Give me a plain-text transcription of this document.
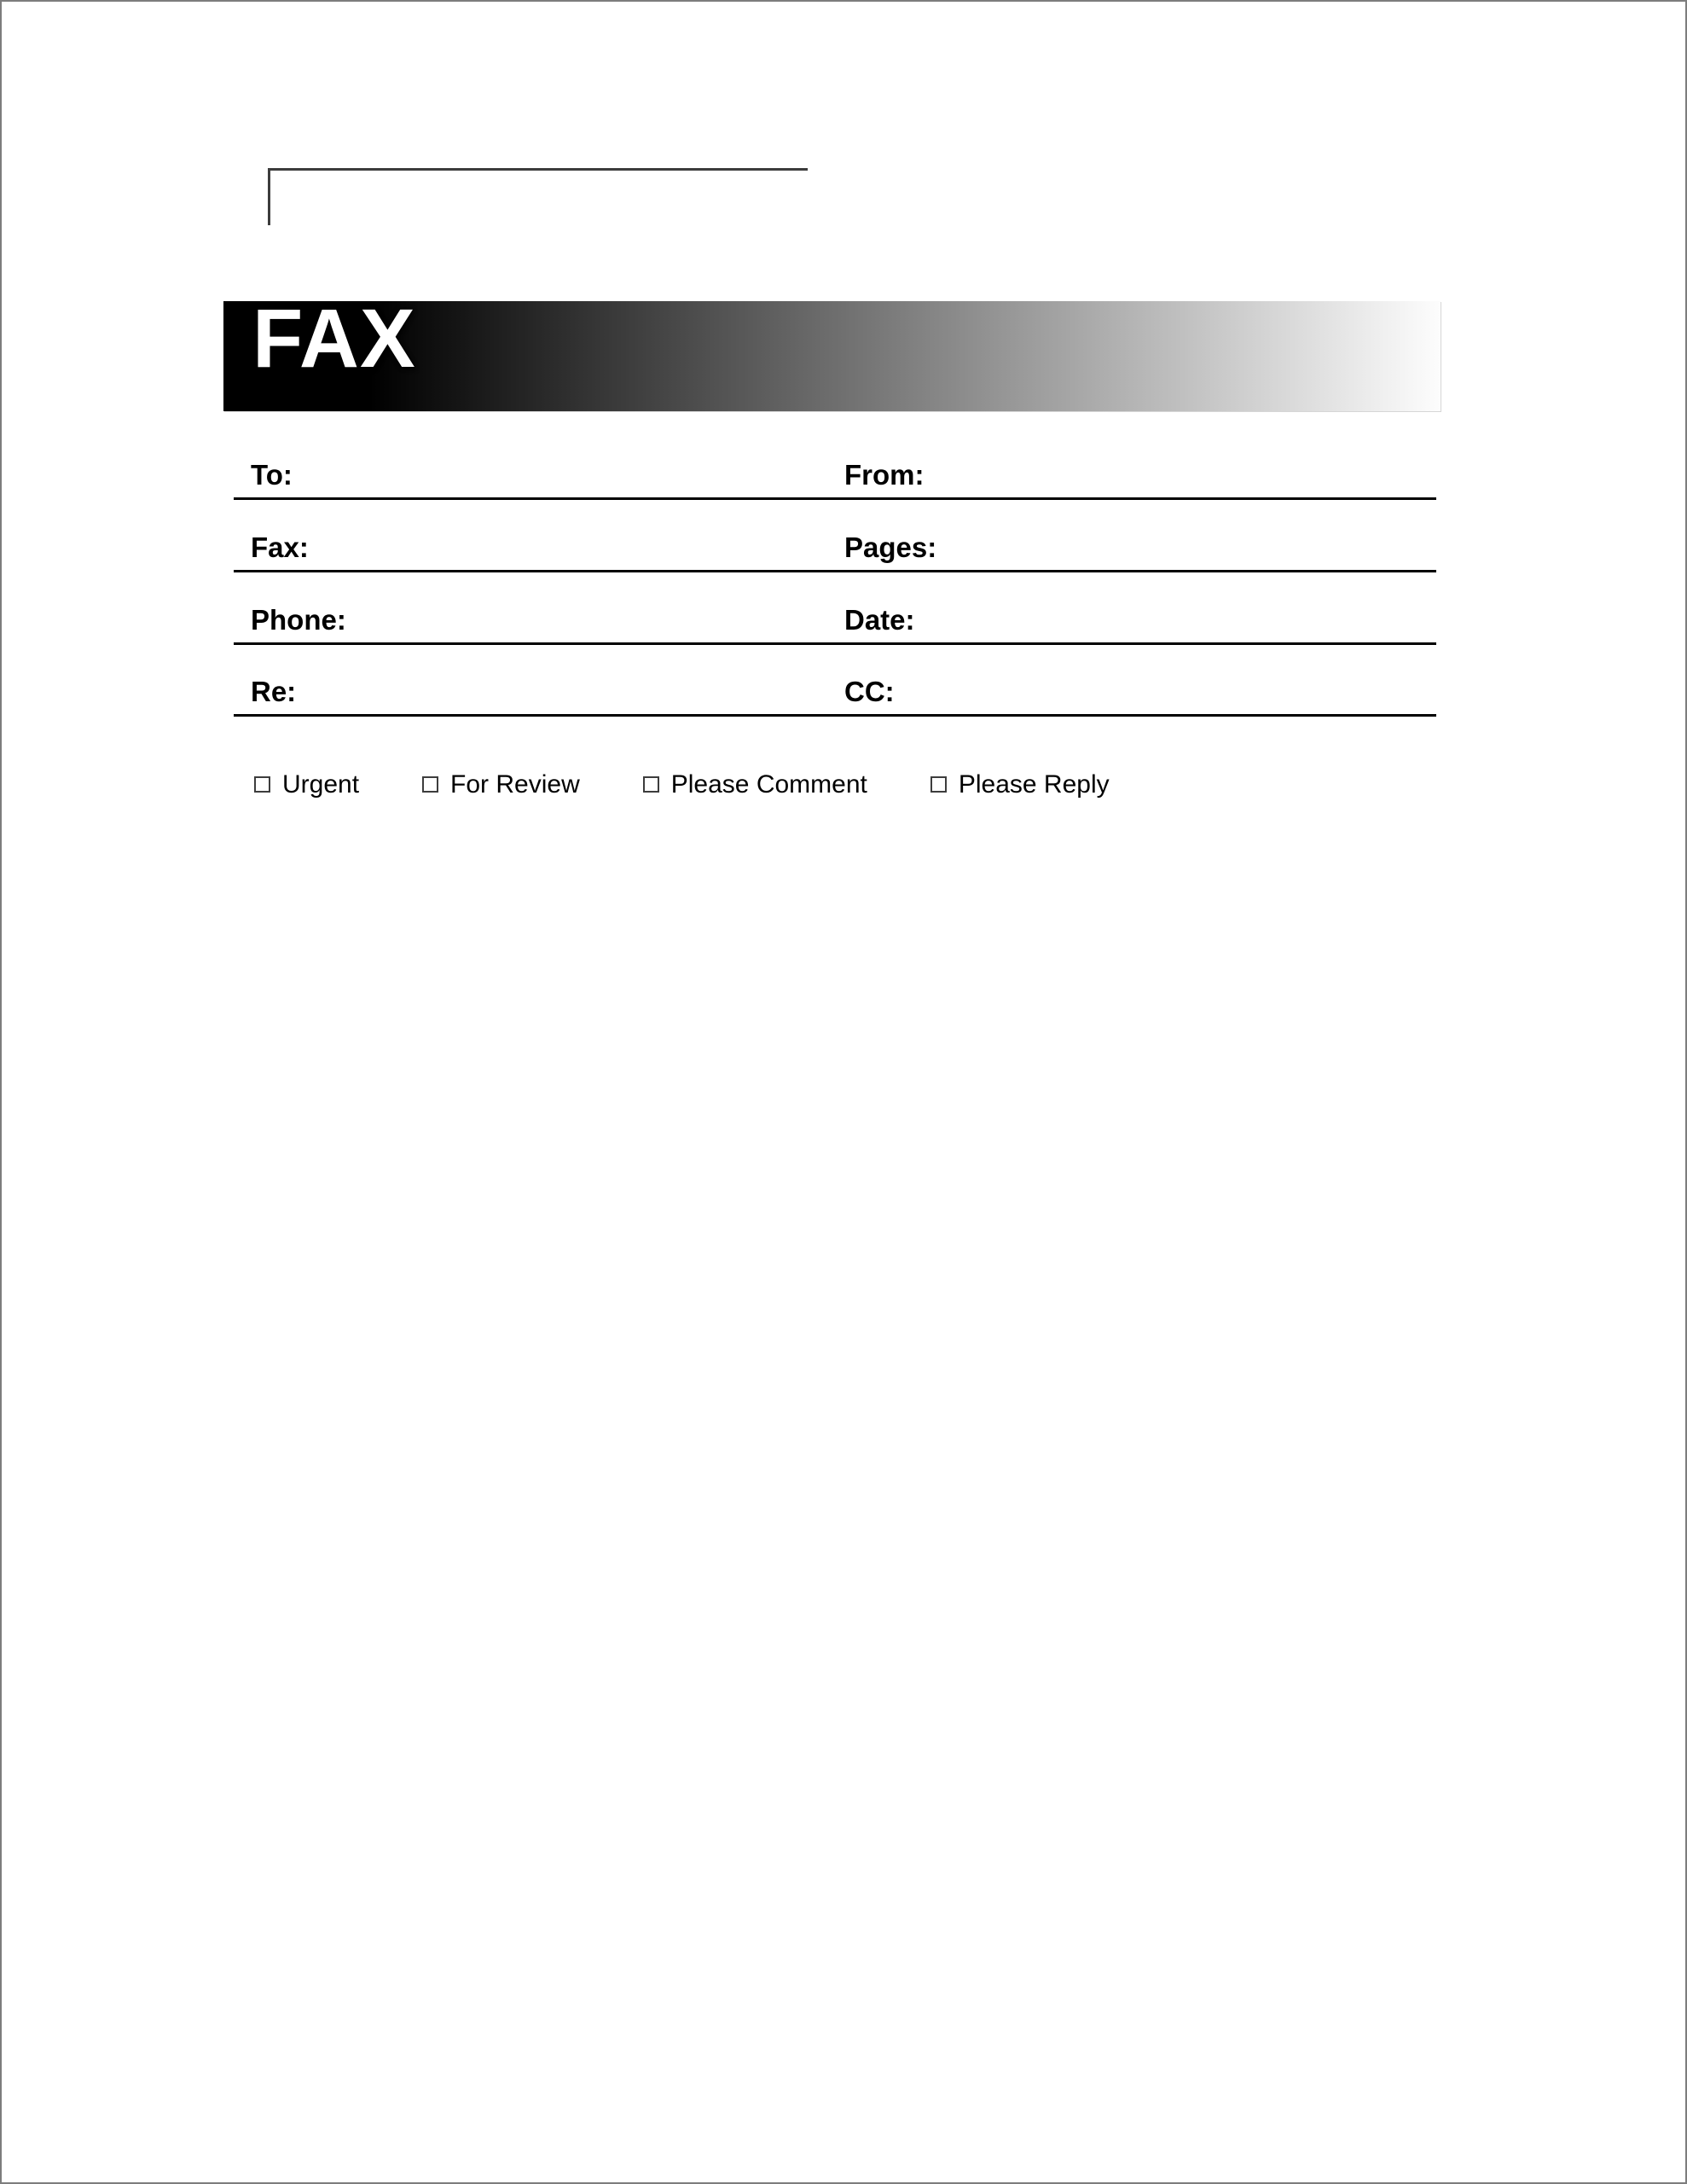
FAX
To:	From:
Fax:	Pages:
Phone:	Date:
Re:	CC:
Urgent	For Review	Please Comment	Please Reply
